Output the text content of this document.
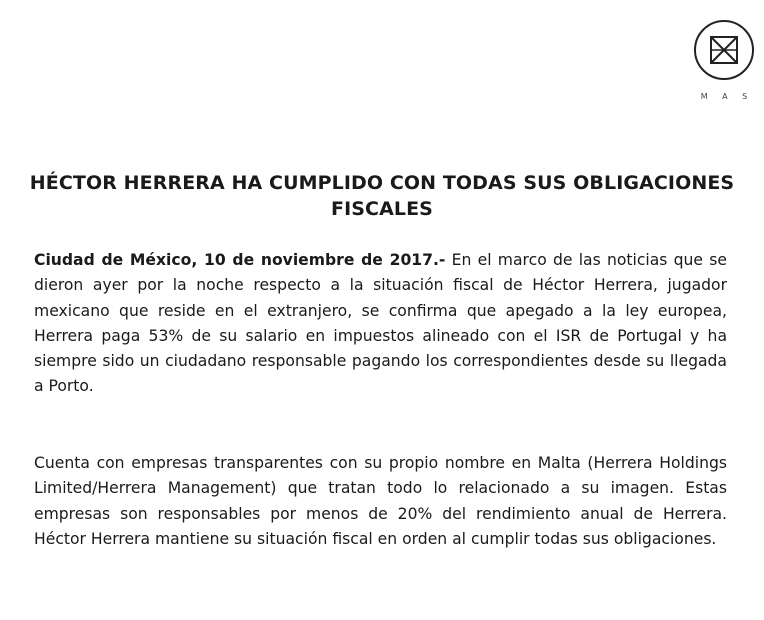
M A S
HÉCTOR HERRERA HA CUMPLIDO CON TODAS SUS OBLIGACIONES FISCALES

Ciudad de México, 10 de noviembre de 2017.- En el marco de las noticias que se dieron ayer por la noche respecto a la situación fiscal de Héctor Herrera, jugador mexicano que reside en el extranjero, se confirma que apegado a la ley europea, Herrera paga 53% de su salario en impuestos alineado con el ISR de Portugal y ha siempre sido un ciudadano responsable pagando los correspondientes desde su llegada a Porto.

Cuenta con empresas transparentes con su propio nombre en Malta (Herrera Holdings Limited/Herrera Management) que tratan todo lo relacionado a su imagen. Estas empresas son responsables por menos de 20% del rendimiento anual de Herrera. Héctor Herrera mantiene su situación fiscal en orden al cumplir todas sus obligaciones.
